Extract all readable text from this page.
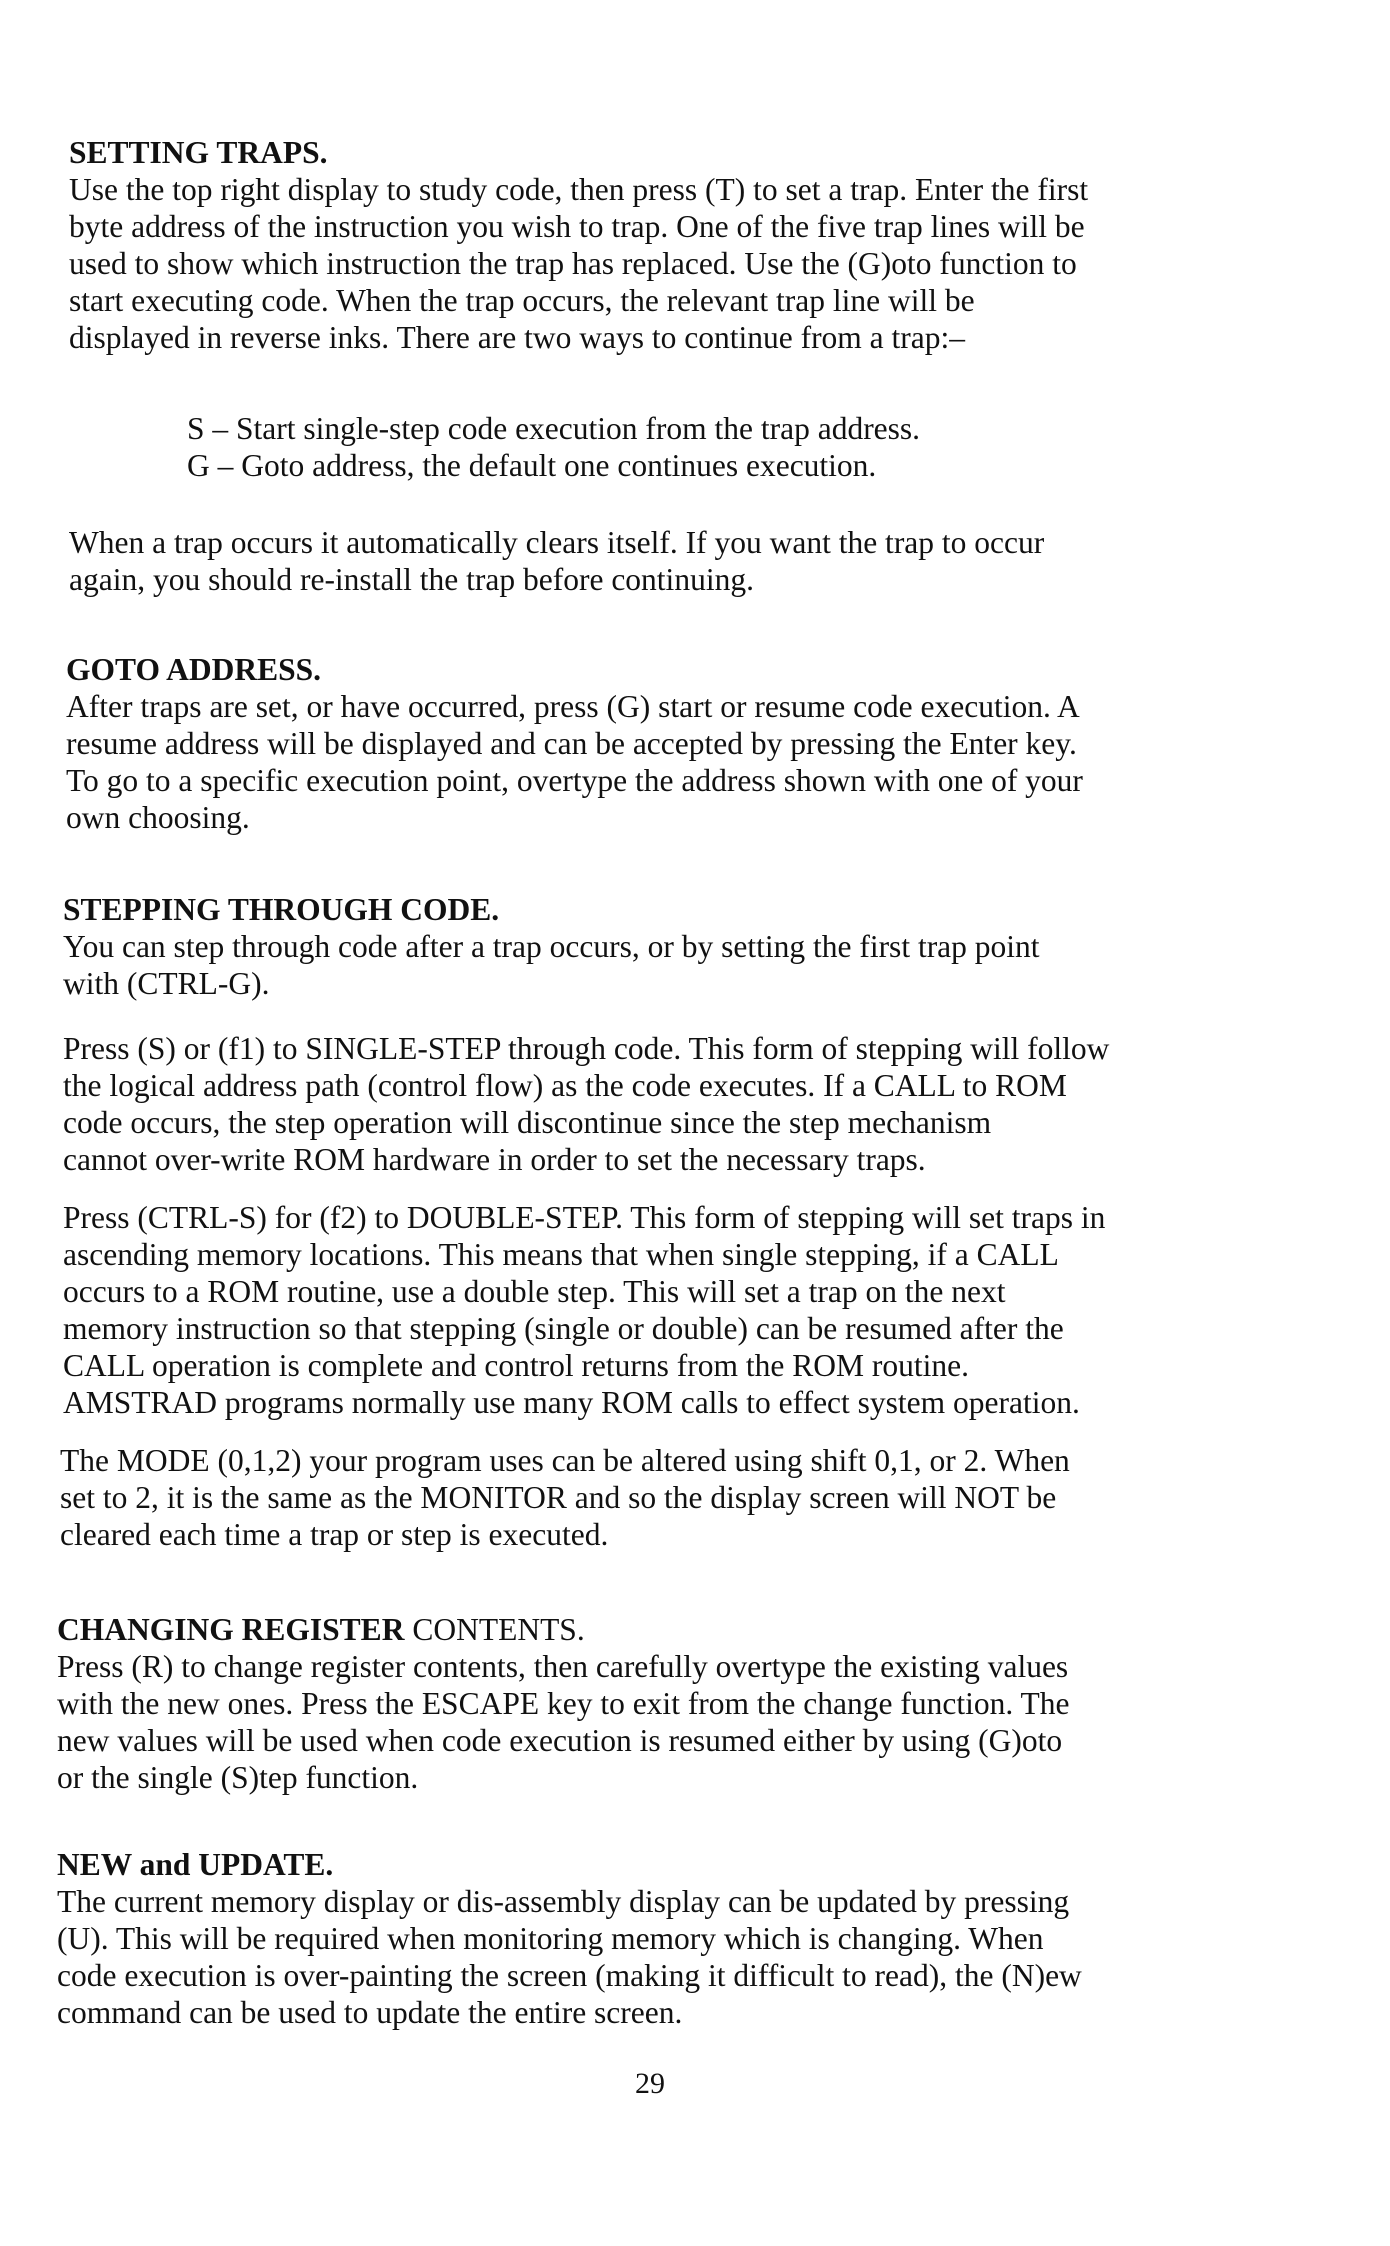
SETTING TRAPS.
Use the top right display to study code, then press (T) to set a trap. Enter the first
byte address of the instruction you wish to trap. One of the five trap lines will be
used to show which instruction the trap has replaced. Use the (G)oto function to
start executing code. When the trap occurs, the relevant trap line will be
displayed in reverse inks. There are two ways to continue from a trap:–
S – Start single-step code execution from the trap address.
G – Goto address, the default one continues execution.
When a trap occurs it automatically clears itself. If you want the trap to occur
again, you should re-install the trap before continuing.
GOTO ADDRESS.
After traps are set, or have occurred, press (G) start or resume code execution. A
resume address will be displayed and can be accepted by pressing the Enter key.
To go to a specific execution point, overtype the address shown with one of your
own choosing.
STEPPING THROUGH CODE.
You can step through code after a trap occurs, or by setting the first trap point
with (CTRL-G).
Press (S) or (f1) to SINGLE-STEP through code. This form of stepping will follow
the logical address path (control flow) as the code executes. If a CALL to ROM
code occurs, the step operation will discontinue since the step mechanism
cannot over-write ROM hardware in order to set the necessary traps.
Press (CTRL-S) for (f2) to DOUBLE-STEP. This form of stepping will set traps in
ascending memory locations. This means that when single stepping, if a CALL
occurs to a ROM routine, use a double step. This will set a trap on the next
memory instruction so that stepping (single or double) can be resumed after the
CALL operation is complete and control returns from the ROM routine.
AMSTRAD programs normally use many ROM calls to effect system operation.
The MODE (0,1,2) your program uses can be altered using shift 0,1, or 2. When
set to 2, it is the same as the MONITOR and so the display screen will NOT be
cleared each time a trap or step is executed.
CHANGING REGISTER CONTENTS.
Press (R) to change register contents, then carefully overtype the existing values
with the new ones. Press the ESCAPE key to exit from the change function. The
new values will be used when code execution is resumed either by using (G)oto
or the single (S)tep function.
NEW and UPDATE.
The current memory display or dis-assembly display can be updated by pressing
(U). This will be required when monitoring memory which is changing. When
code execution is over-painting the screen (making it difficult to read), the (N)ew
command can be used to update the entire screen.
29
